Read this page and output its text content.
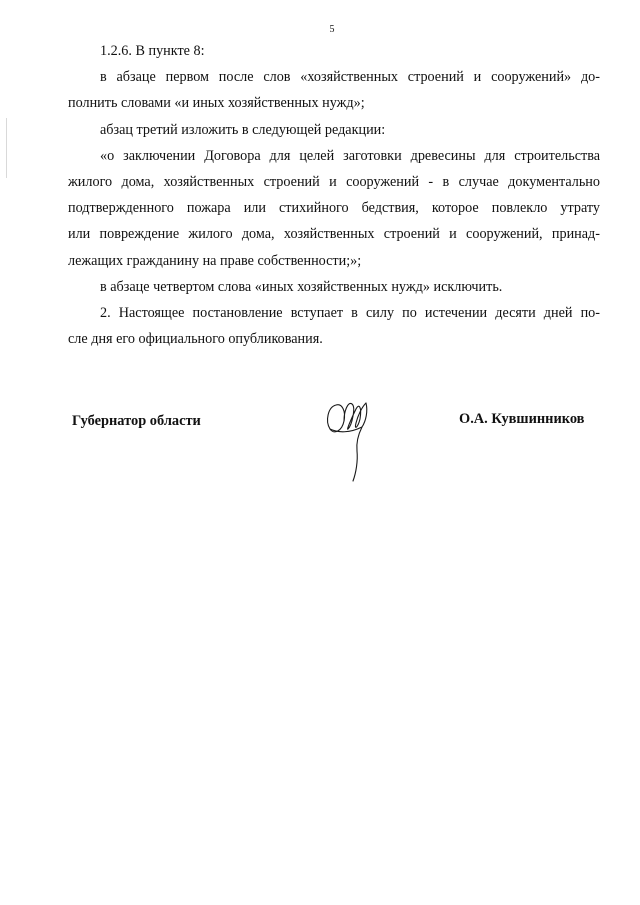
5
1.2.6. В пункте 8:
в абзаце первом после слов «хозяйственных строений и сооружений» до-
полнить словами «и иных хозяйственных нужд»;
абзац третий изложить в следующей редакции:
«о заключении Договора для целей заготовки древесины для строительства
жилого дома, хозяйственных строений и сооружений - в случае документально
подтвержденного пожара или стихийного бедствия, которое повлекло утрату
или повреждение жилого дома, хозяйственных строений и сооружений, принад-
лежащих гражданину на праве собственности;»;
в абзаце четвертом слова «иных хозяйственных нужд» исключить.
2. Настоящее постановление вступает в силу по истечении десяти дней по-
сле дня его официального опубликования.
Губернатор области	О.А. Кувшинников
